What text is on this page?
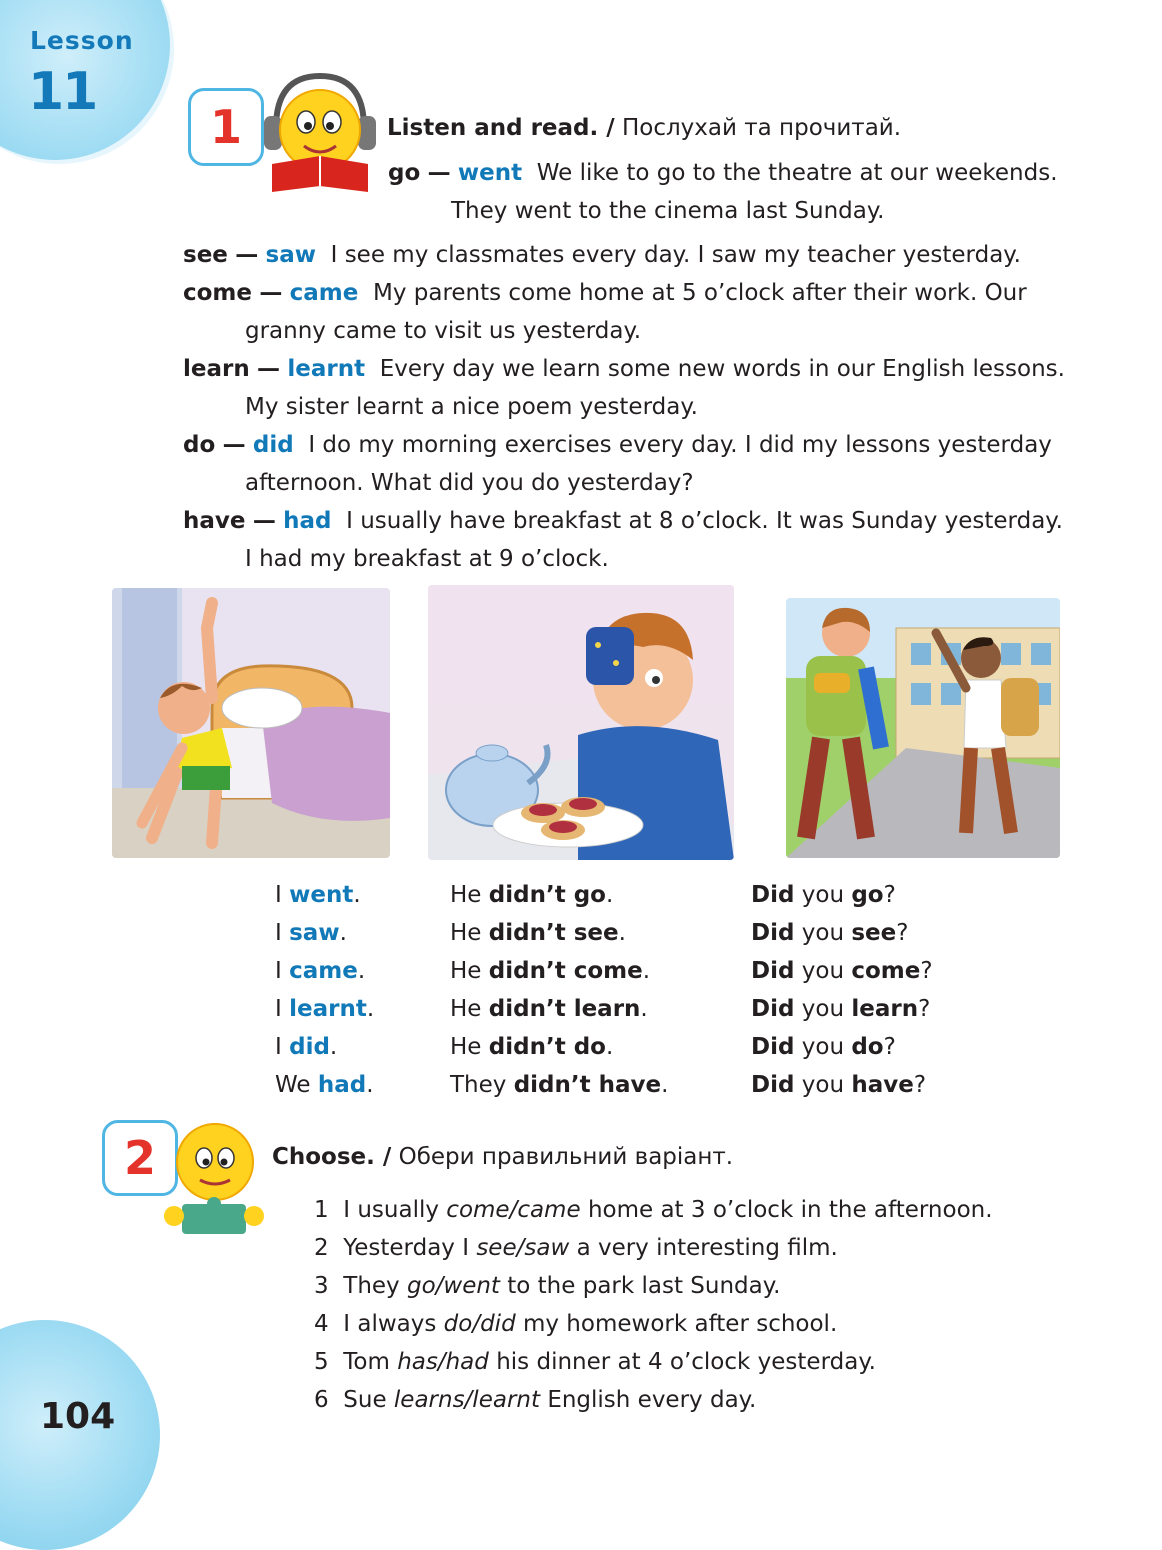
Lesson
11
1	Listen and read. / Послухай та прочитай.
go — went We like to go to the theatre at our weekends.
They went to the cinema last Sunday.
see — saw I see my classmates every day. I saw my teacher yesterday.
come — came My parents come home at 5 o’clock after their work. Our
granny came to visit us yesterday.
learn — learnt Every day we learn some new words in our English lessons.
My sister learnt a nice poem yesterday.
do — did I do my morning exercises every day. I did my lessons yesterday
afternoon. What did you do yesterday?
have — had I usually have breakfast at 8 o’clock. It was Sunday yesterday.
I had my breakfast at 9 o’clock.
I went.
I saw.
I came.
I learnt.
I did.
We had.
He didn’t go.
He didn’t see.
He didn’t come.
He didn’t learn.
He didn’t do.
They didn’t have.
Did you go?
Did you see?
Did you come?
Did you learn?
Did you do?
Did you have?
2	Choose. / Обери правильний варіант.
1 I usually come/came home at 3 o’clock in the afternoon.
2 Yesterday I see/saw a very interesting film.
3 They go/went to the park last Sunday.
4 I always do/did my homework after school.
5 Tom has/had his dinner at 4 o’clock yesterday.
6 Sue learns/learnt English every day.
104
